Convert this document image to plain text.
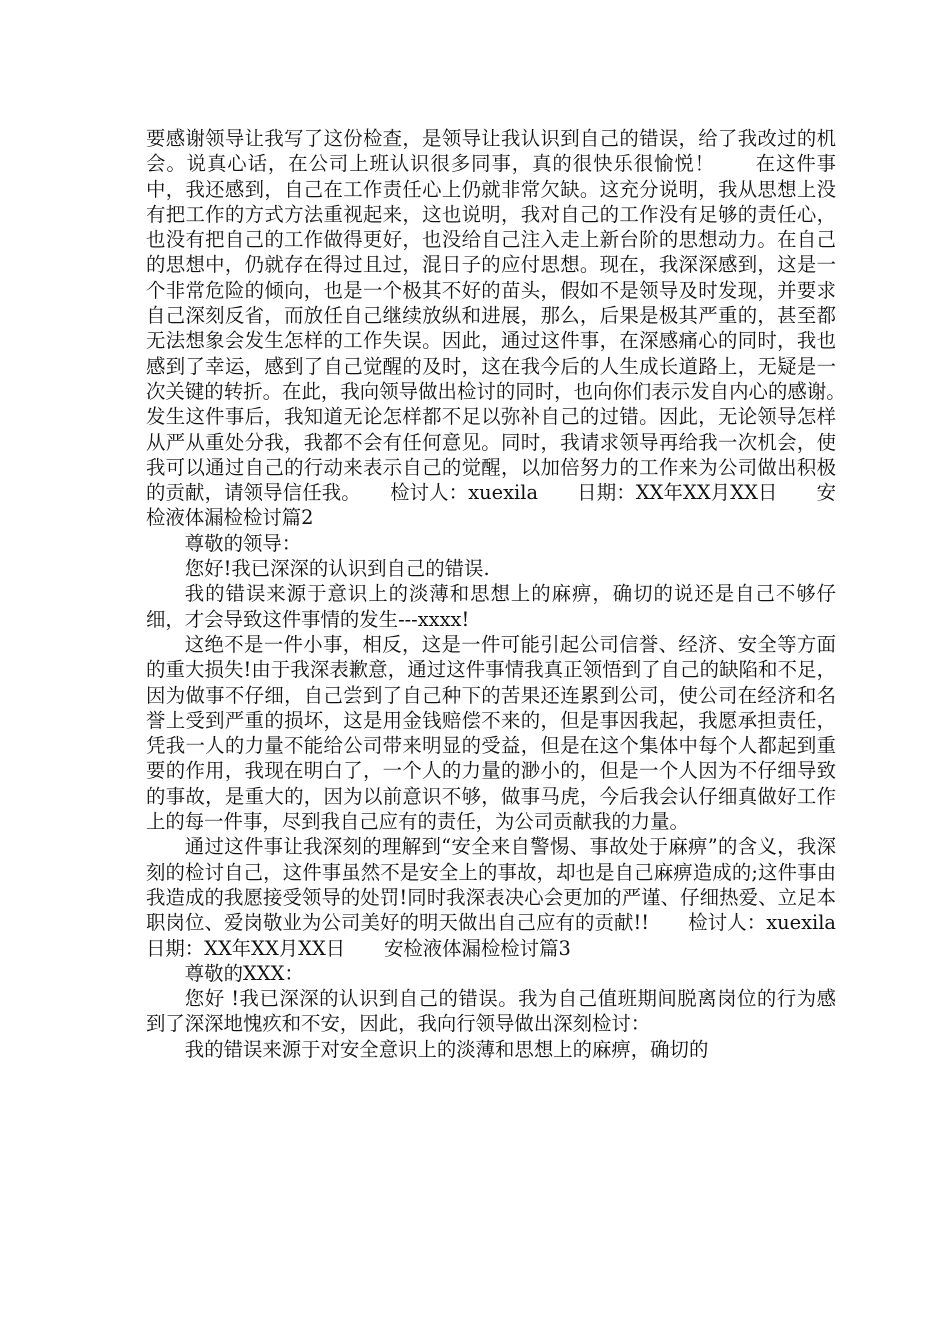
要感谢领导让我写了这份检查，是领导让我认识到自己的错误，给了我改过的机会。说真心话，在公司上班认识很多同事，真的很快乐很愉悦！　　在这件事中，我还感到，自己在工作责任心上仍就非常欠缺。这充分说明，我从思想上没有把工作的方式方法重视起来，这也说明，我对自己的工作没有足够的责任心，也没有把自己的工作做得更好，也没给自己注入走上新台阶的思想动力。在自己的思想中，仍就存在得过且过，混日子的应付思想。现在，我深深感到，这是一个非常危险的倾向，也是一个极其不好的苗头，假如不是领导及时发现，并要求自己深刻反省，而放任自己继续放纵和进展，那么，后果是极其严重的，甚至都无法想象会发生怎样的工作失误。因此，通过这件事，在深感痛心的同时，我也感到了幸运，感到了自己觉醒的及时，这在我今后的人生成长道路上，无疑是一次关键的转折。在此，我向领导做出检讨的同时，也向你们表示发自内心的感谢。　　发生这件事后，我知道无论怎样都不足以弥补自己的过错。因此，无论领导怎样从严从重处分我，我都不会有任何意见。同时，我请求领导再给我一次机会，使我可以通过自己的行动来表示自己的觉醒，以加倍努力的工作来为公司做出积极的贡献，请领导信任我。　　检讨人：xuexila　　日期：XX年XX月XX日　　安检液体漏检检讨篇2

尊敬的领导：

您好!我已深深的认识到自己的错误.

我的错误来源于意识上的淡薄和思想上的麻痹，确切的说还是自己不够仔细，才会导致这件事情的发生---xxxx!

这绝不是一件小事，相反，这是一件可能引起公司信誉、经济、安全等方面的重大损失!由于我深表歉意，通过这件事情我真正领悟到了自己的缺陷和不足，因为做事不仔细，自己尝到了自己种下的苦果还连累到公司，使公司在经济和名誉上受到严重的损坏，这是用金钱赔偿不来的，但是事因我起，我愿承担责任，凭我一人的力量不能给公司带来明显的受益，但是在这个集体中每个人都起到重要的作用，我现在明白了，一个人的力量的渺小的，但是一个人因为不仔细导致的事故，是重大的，因为以前意识不够，做事马虎，今后我会认仔细真做好工作上的每一件事，尽到我自己应有的责任，为公司贡献我的力量。

通过这件事让我深刻的理解到“安全来自警惕、事故处于麻痹”的含义，我深刻的检讨自己，这件事虽然不是安全上的事故，却也是自己麻痹造成的;这件事由我造成的我愿接受领导的处罚!同时我深表决心会更加的严谨、仔细热爱、立足本职岗位、爱岗敬业为公司美好的明天做出自己应有的贡献!!　　检讨人：xuexila　　日期：XX年XX月XX日　　安检液体漏检检讨篇3

尊敬的XXX：

您好 !我已深深的认识到自己的错误。我为自己值班期间脱离岗位的行为感到了深深地愧疚和不安，因此，我向行领导做出深刻检讨：

我的错误来源于对安全意识上的淡薄和思想上的麻痹，确切的
